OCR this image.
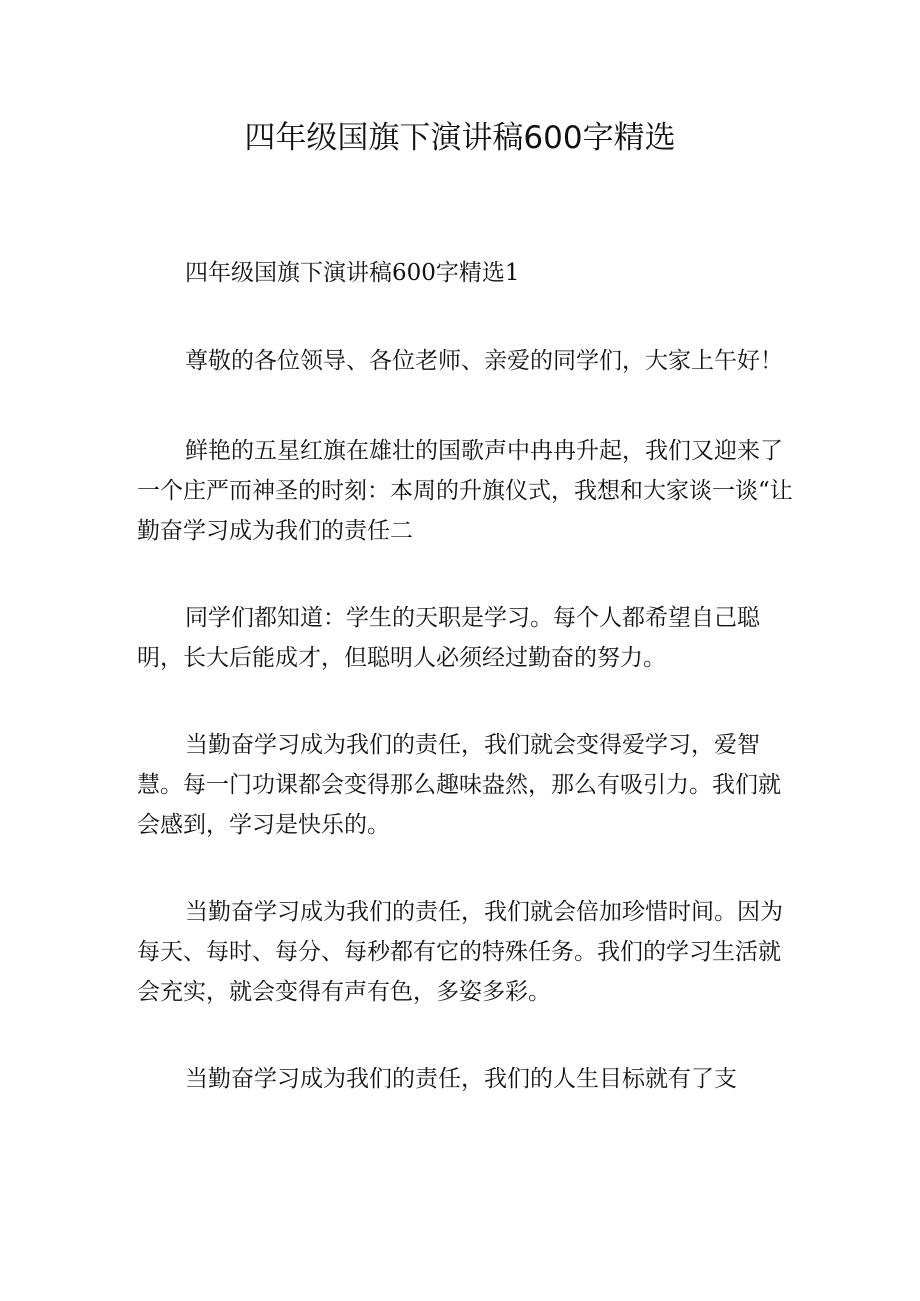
四年级国旗下演讲稿600字精选

四年级国旗下演讲稿600字精选1

尊敬的各位领导、各位老师、亲爱的同学们，大家上午好！

鲜艳的五星红旗在雄壮的国歌声中冉冉升起，我们又迎来了一个庄严而神圣的时刻：本周的升旗仪式，我想和大家谈一谈“让勤奋学习成为我们的责任二

同学们都知道：学生的天职是学习。每个人都希望自己聪明，长大后能成才，但聪明人必须经过勤奋的努力。

当勤奋学习成为我们的责任，我们就会变得爱学习，爱智慧。每一门功课都会变得那么趣味盎然，那么有吸引力。我们就会感到，学习是快乐的。

当勤奋学习成为我们的责任，我们就会倍加珍惜时间。因为每天、每时、每分、每秒都有它的特殊任务。我们的学习生活就会充实，就会变得有声有色，多姿多彩。

当勤奋学习成为我们的责任，我们的人生目标就有了支
